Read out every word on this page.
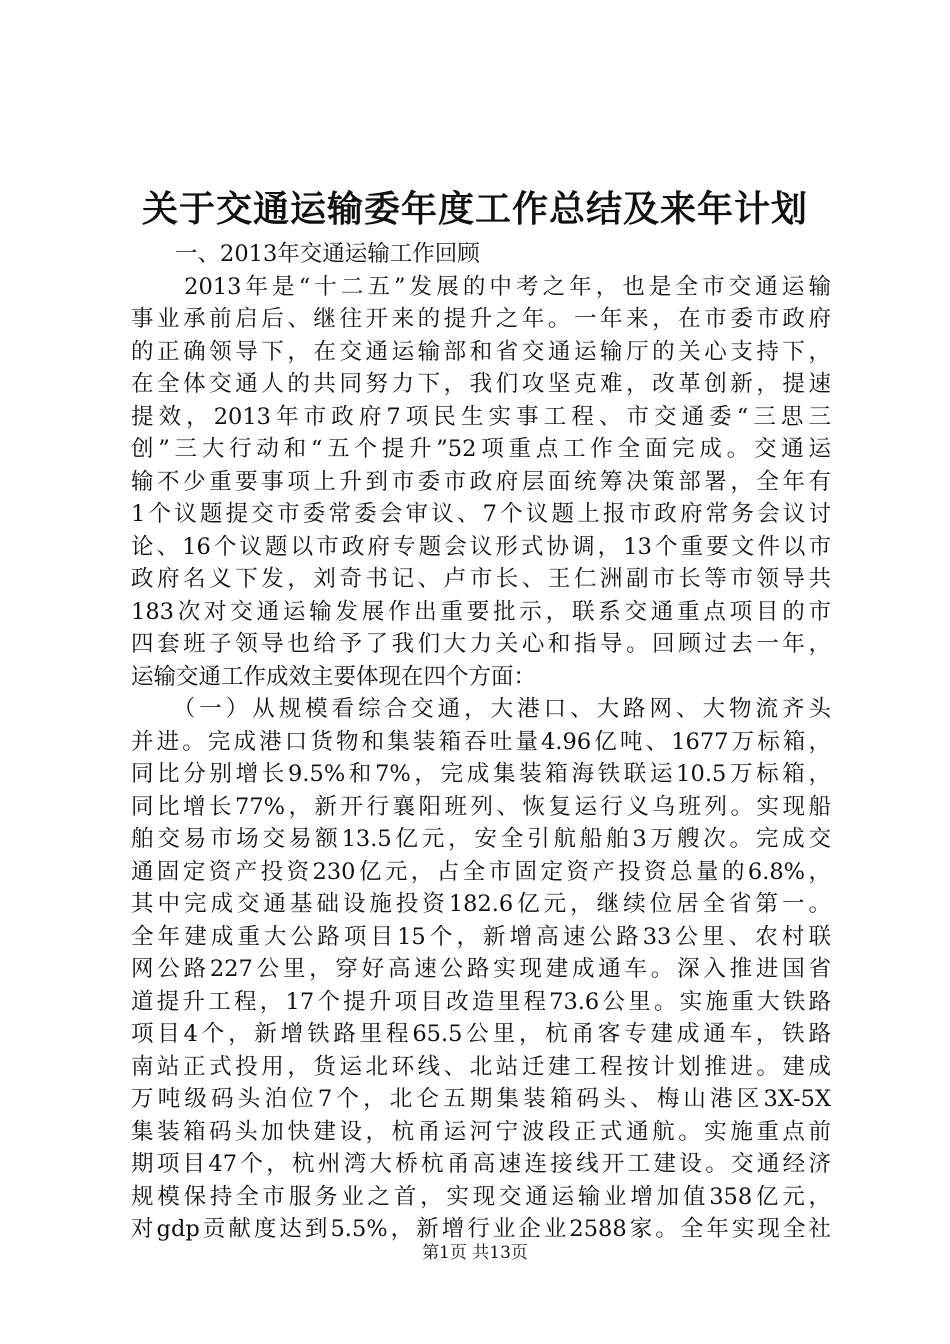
关于交通运输委年度工作总结及来年计划
一、2013年交通运输工作回顾
　　2013年是“十二五”发展的中考之年，也是全市交通运输
事业承前启后、继往开来的提升之年。一年来，在市委市政府
的正确领导下，在交通运输部和省交通运输厅的关心支持下，
在全体交通人的共同努力下，我们攻坚克难，改革创新，提速
提效，2013年市政府7项民生实事工程、市交通委“三思三
创”三大行动和“五个提升”52项重点工作全面完成。交通运
输不少重要事项上升到市委市政府层面统筹决策部署，全年有
1个议题提交市委常委会审议、7个议题上报市政府常务会议讨
论、16个议题以市政府专题会议形式协调，13个重要文件以市
政府名义下发，刘奇书记、卢市长、王仁洲副市长等市领导共
183次对交通运输发展作出重要批示，联系交通重点项目的市
四套班子领导也给予了我们大力关心和指导。回顾过去一年，
运输交通工作成效主要体现在四个方面：
　　（一）从规模看综合交通，大港口、大路网、大物流齐头
并进。完成港口货物和集装箱吞吐量4.96亿吨、1677万标箱，
同比分别增长9.5%和7%，完成集装箱海铁联运10.5万标箱，
同比增长77%，新开行襄阳班列、恢复运行义乌班列。实现船
舶交易市场交易额13.5亿元，安全引航船舶3万艘次。完成交
通固定资产投资230亿元，占全市固定资产投资总量的6.8%，
其中完成交通基础设施投资182.6亿元，继续位居全省第一。
全年建成重大公路项目15个，新增高速公路33公里、农村联
网公路227公里，穿好高速公路实现建成通车。深入推进国省
道提升工程，17个提升项目改造里程73.6公里。实施重大铁路
项目4个，新增铁路里程65.5公里，杭甬客专建成通车，铁路
南站正式投用，货运北环线、北站迁建工程按计划推进。建成
万吨级码头泊位7个，北仑五期集装箱码头、梅山港区3X-5X
集装箱码头加快建设，杭甬运河宁波段正式通航。实施重点前
期项目47个，杭州湾大桥杭甬高速连接线开工建设。交通经济
规模保持全市服务业之首，实现交通运输业增加值358亿元，
对gdp贡献度达到5.5%，新增行业企业2588家。全年实现全社
第1页 共13页
